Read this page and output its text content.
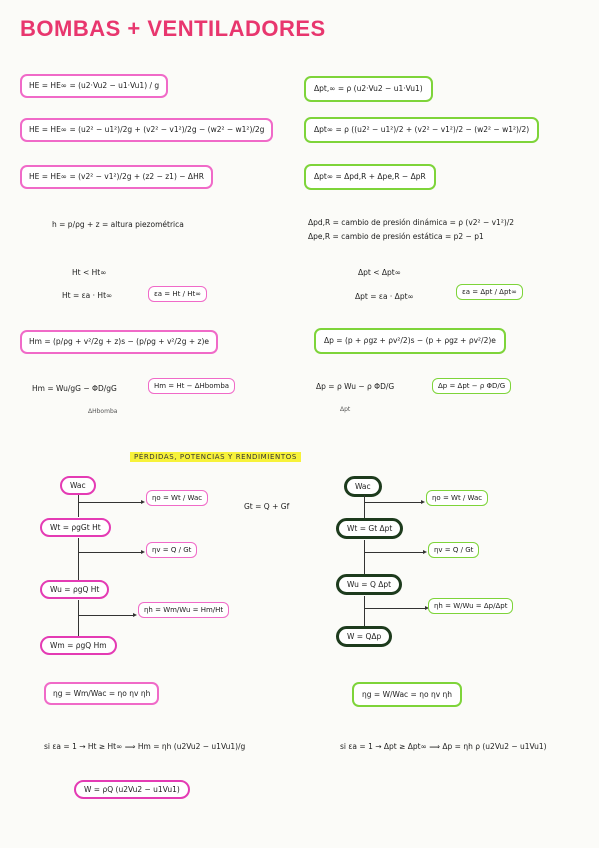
BOMBAS + VENTILADORES
HE = HE∞ = (u2·Vu2 − u1·Vu1) / g
HE = HE∞ = (u2² − u1²)/2g + (v2² − v1²)/2g − (w2² − w1²)/2g
HE = HE∞ = (v2² − v1²)/2g + (z2 − z1) − ΔHR
h = p/ρg + z = altura piezométrica
Ht < Ht∞
Ht = εa · Ht∞	εa = Ht / Ht∞
Hm = (p/ρg + v²/2g + z)s − (p/ρg + v²/2g + z)e
Hm = Wu/gG − ΦD/gG	Hm = Ht − ΔHbomba
ΔHbomba
Δpt,∞ = ρ (u2·Vu2 − u1·Vu1)
Δpt∞ = ρ ((u2² − u1²)/2 + (v2² − v1²)/2 − (w2² − w1²)/2)
Δpt∞ = Δpd,R + Δpe,R − ΔpR
Δpd,R = cambio de presión dinámica = ρ (v2² − v1²)/2
Δpe,R = cambio de presión estática = p2 − p1
Δpt < Δpt∞
Δpt = εa · Δpt∞	εa = Δpt / Δpt∞
Δp = (p + ρgz + ρv²/2)s − (p + ρgz + ρv²/2)e
Δp = ρ Wu − ρ ΦD/G	Δp = Δpt − ρ ΦD/G
Δpt
PÉRDIDAS, POTENCIAS Y RENDIMIENTOS
Wac
ηo = Wt / Wac
Wt = ρgGt Ht
Gt = Q + Gf
ηv = Q / Gt
Wu = ρgQ Ht
ηh = Wm/Wu = Hm/Ht
Wm = ρgQ Hm
ηg = Wm/Wac = ηo ηv ηh
si εa = 1 → Ht ≥ Ht∞ ⟹ Hm = ηh (u2Vu2 − u1Vu1)/g
W = ρQ (u2Vu2 − u1Vu1)
Wac
ηo = Wt / Wac
Wt = Gt Δpt
ηv = Q / Gt
Wu = Q Δpt
ηh = W/Wu = Δp/Δpt
W = QΔp
ηg = W/Wac = ηo ηv ηh
si εa = 1 → Δpt ≥ Δpt∞ ⟹ Δp = ηh ρ (u2Vu2 − u1Vu1)
